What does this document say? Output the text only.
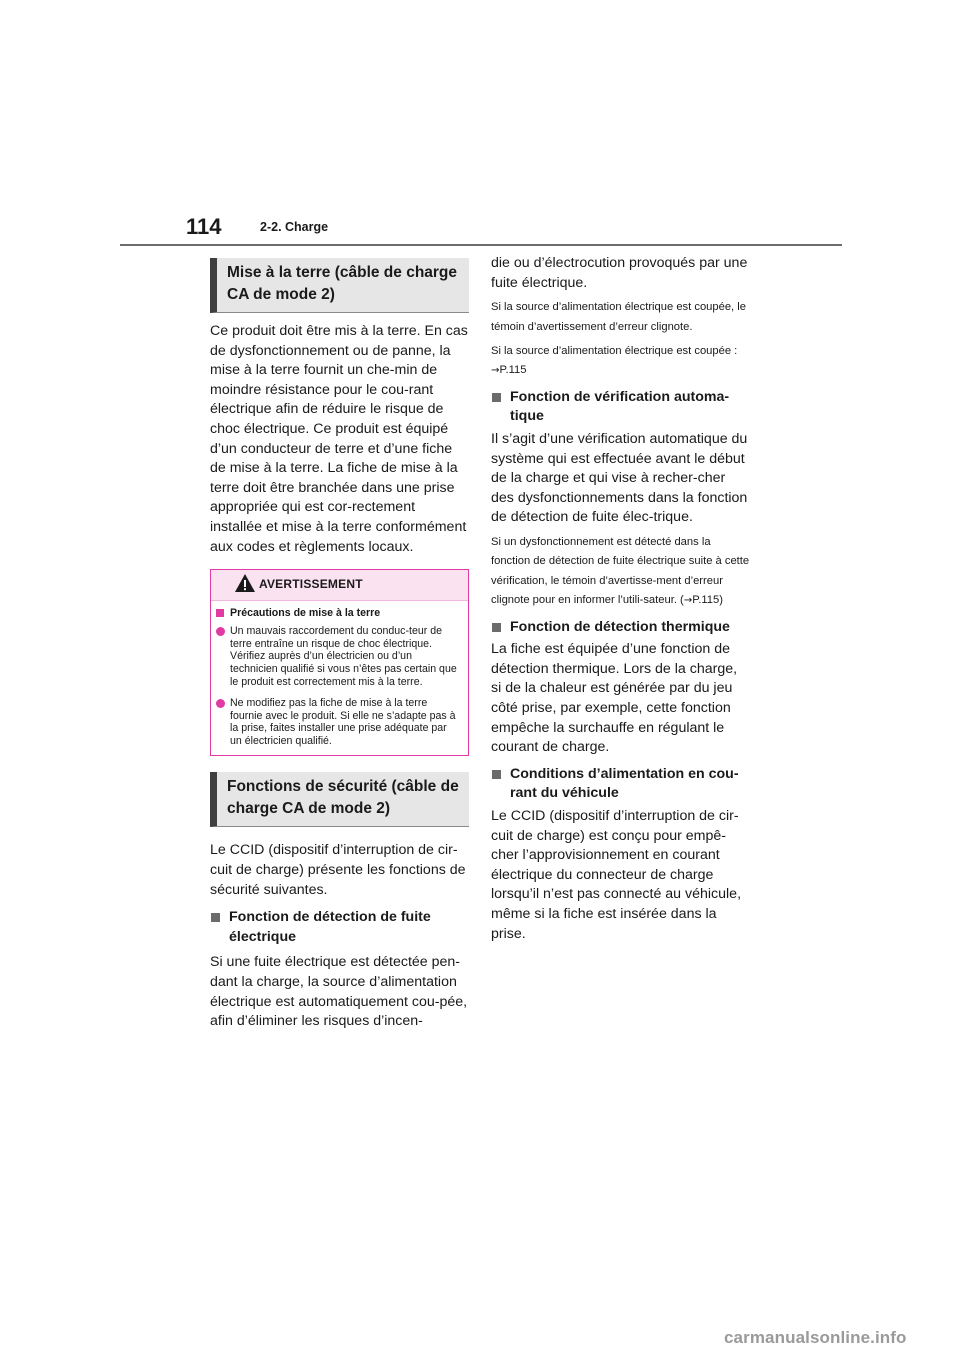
114	2-2. Charge
Mise à la terre (câble de charge CA de mode 2)

Ce produit doit être mis à la terre. En cas de dysfonctionnement ou de panne, la mise à la terre fournit un che-min de moindre résistance pour le cou-rant électrique afin de réduire le risque de choc électrique. Ce produit est équipé d’un conducteur de terre et d’une fiche de mise à la terre. La fiche de mise à la terre doit être branchée dans une prise appropriée qui est cor-rectement installée et mise à la terre conformément aux codes et règlements locaux.

AVERTISSEMENT

Précautions de mise à la terre

Un mauvais raccordement du conduc-teur de terre entraîne un risque de choc électrique.
Vérifiez auprès d’un électricien ou d’un technicien qualifié si vous n’êtes pas certain que le produit est correctement mis à la terre.

Ne modifiez pas la fiche de mise à la terre fournie avec le produit. Si elle ne s’adapte pas à la prise, faites installer une prise adéquate par un électricien qualifié.

Fonctions de sécurité (câble de charge CA de mode 2)

Le CCID (dispositif d’interruption de cir-cuit de charge) présente les fonctions de sécurité suivantes.

Fonction de détection de fuite électrique

Si une fuite électrique est détectée pen-dant la charge, la source d’alimentation électrique est automatiquement cou-pée, afin d’éliminer les risques d’incen-

die ou d’électrocution provoqués par une fuite électrique.

Si la source d’alimentation électrique est coupée, le témoin d’avertissement d’erreur clignote.

Si la source d’alimentation électrique est coupée : →P.115

Fonction de vérification automa-tique

Il s’agit d’une vérification automatique du système qui est effectuée avant le début de la charge et qui vise à recher-cher des dysfonctionnements dans la fonction de détection de fuite élec-trique.

Si un dysfonctionnement est détecté dans la fonction de détection de fuite électrique suite à cette vérification, le témoin d’avertisse-ment d’erreur clignote pour en informer l’utili-sateur. (→P.115)

Fonction de détection thermique

La fiche est équipée d’une fonction de détection thermique. Lors de la charge, si de la chaleur est générée par du jeu côté prise, par exemple, cette fonction empêche la surchauffe en régulant le courant de charge.

Conditions d’alimentation en cou-rant du véhicule

Le CCID (dispositif d’interruption de cir-cuit de charge) est conçu pour empê-cher l’approvisionnement en courant électrique du connecteur de charge lorsqu’il n’est pas connecté au véhicule, même si la fiche est insérée dans la prise.

carmanualsonline.info
